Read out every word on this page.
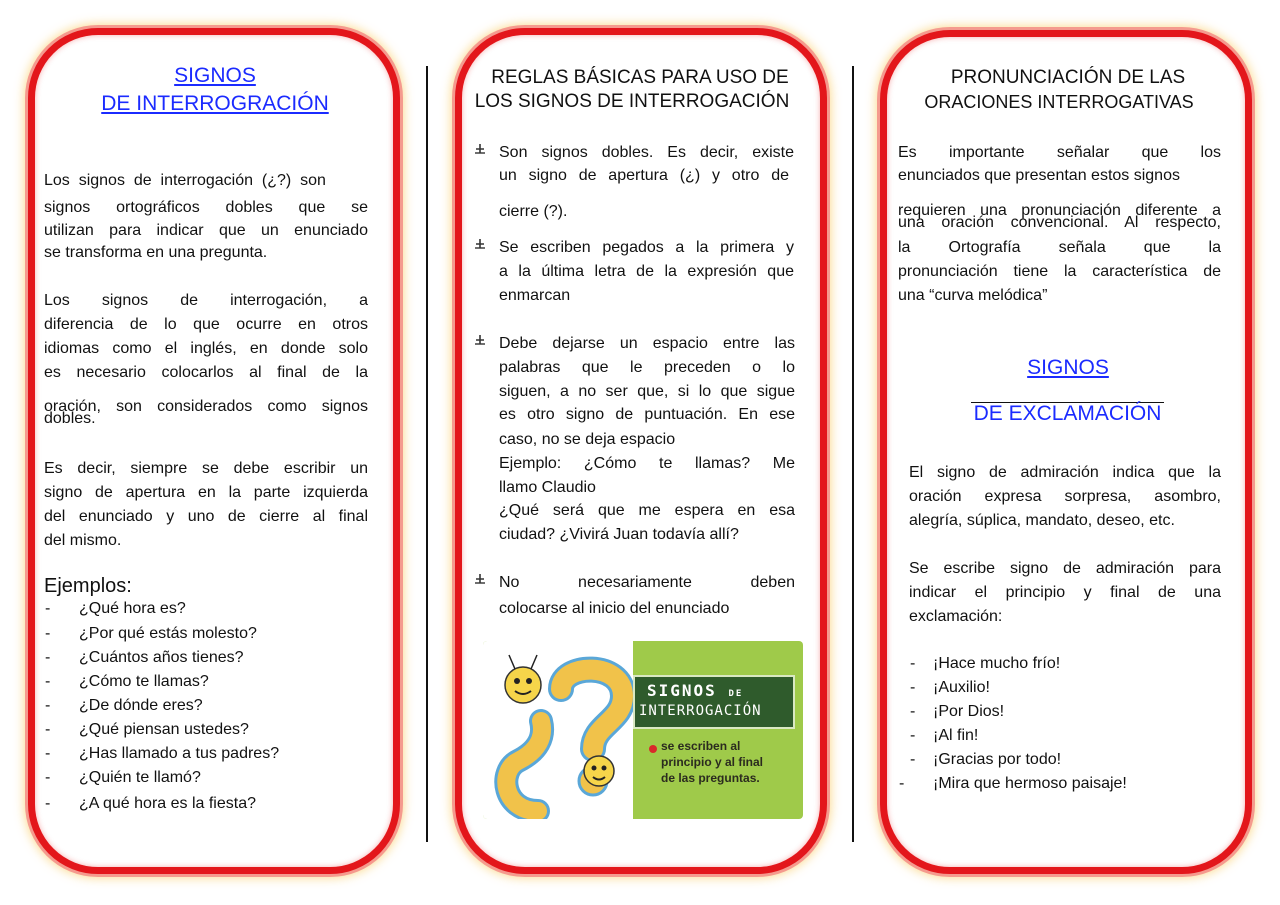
SIGNOS
DE INTERROGRACIÓN
Los  signos  de  interrogación  (¿?)  son
signos ortográficos dobles que se
utilizan para indicar que un enunciado
se transforma en una pregunta.
Los signos de interrogación, a
diferencia de lo que ocurre en otros
idiomas como el inglés, en donde solo
es necesario colocarlos al final de la
oración, son considerados como signos
dobles.
Es decir, siempre se debe escribir un
signo de apertura en la parte izquierda
del enunciado y uno de cierre al final
del mismo.
Ejemplos:
- ¿Qué hora es?
- ¿Por qué estás molesto?
- ¿Cuántos años tienes?
- ¿Cómo te llamas?
- ¿De dónde eres?
- ¿Qué piensan ustedes?
- ¿Has llamado a tus padres?
- ¿Quién te llamó?
- ¿A qué hora es la fiesta?
REGLAS BÁSICAS PARA USO DE
LOS SIGNOS DE INTERROGACIÓN
Son signos dobles. Es decir, existe
un signo de apertura (¿) y otro de
cierre (?).
Se escriben pegados a la primera y
a la última letra de la expresión que
enmarcan
Debe dejarse un espacio entre las
palabras que le preceden o lo
siguen, a no ser que, si lo que sigue
es otro signo de puntuación. En ese
caso, no se deja espacio
Ejemplo: ¿Cómo te llamas? Me
llamo Claudio
¿Qué será que me espera en esa
ciudad? ¿Vivirá Juan todavía allí?
No necesariamente deben
colocarse al inicio del enunciado
SIGNOS DE
INTERROGACIÓN
se escriben al
principio y al final
de las preguntas.
PRONUNCIACIÓN DE LAS
ORACIONES INTERROGATIVAS
Es importante señalar que los
enunciados que presentan estos signos
requieren una pronunciación diferente a
una oración convencional. Al respecto,
la Ortografía señala que la
pronunciación tiene la característica de
una “curva melódica”
SIGNOS
DE EXCLAMACIÓN
El signo de admiración indica que la
oración expresa sorpresa, asombro,
alegría, súplica, mandato, deseo, etc.
Se escribe signo de admiración para
indicar el principio y final de una
exclamación:
- ¡Hace mucho frío!
- ¡Auxilio!
- ¡Por Dios!
- ¡Al fin!
- ¡Gracias por todo!
- ¡Mira que hermoso paisaje!
